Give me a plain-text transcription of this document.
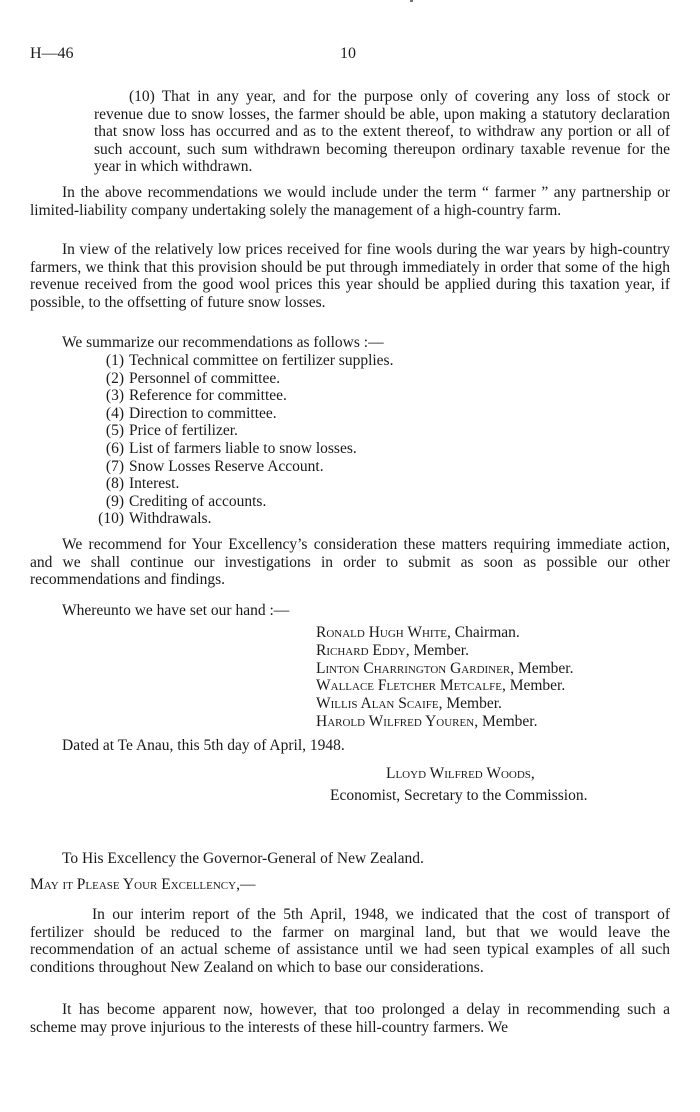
H—46	10
(10) That in any year, and for the purpose only of covering any loss of stock or revenue due to snow losses, the farmer should be able, upon making a statutory declaration that snow loss has occurred and as to the extent thereof, to withdraw any portion or all of such account, such sum withdrawn becoming thereupon ordinary taxable revenue for the year in which withdrawn.
In the above recommendations we would include under the term “ farmer ” any partnership or limited-liability company undertaking solely the management of a high-country farm.
In view of the relatively low prices received for fine wools during the war years by high-country farmers, we think that this provision should be put through immediately in order that some of the high revenue received from the good wool prices this year should be applied during this taxation year, if possible, to the offsetting of future snow losses.
We summarize our recommendations as follows :—
(1) Technical committee on fertilizer supplies.
(2) Personnel of committee.
(3) Reference for committee.
(4) Direction to committee.
(5) Price of fertilizer.
(6) List of farmers liable to snow losses.
(7) Snow Losses Reserve Account.
(8) Interest.
(9) Crediting of accounts.
(10) Withdrawals.
We recommend for Your Excellency’s consideration these matters requiring immediate action, and we shall continue our investigations in order to submit as soon as possible our other recommendations and findings.
Whereunto we have set our hand :—
Ronald Hugh White, Chairman.
Richard Eddy, Member.
Linton Charrington Gardiner, Member.
Wallace Fletcher Metcalfe, Member.
Willis Alan Scaife, Member.
Harold Wilfred Youren, Member.
Dated at Te Anau, this 5th day of April, 1948.
Lloyd Wilfred Woods,
Economist, Secretary to the Commission.
To His Excellency the Governor-General of New Zealand.
May it Please Your Excellency,—
In our interim report of the 5th April, 1948, we indicated that the cost of transport of fertilizer should be reduced to the farmer on marginal land, but that we would leave the recommendation of an actual scheme of assistance until we had seen typical examples of all such conditions throughout New Zealand on which to base our considerations.
It has become apparent now, however, that too prolonged a delay in recommending such a scheme may prove injurious to the interests of these hill-country farmers. We
